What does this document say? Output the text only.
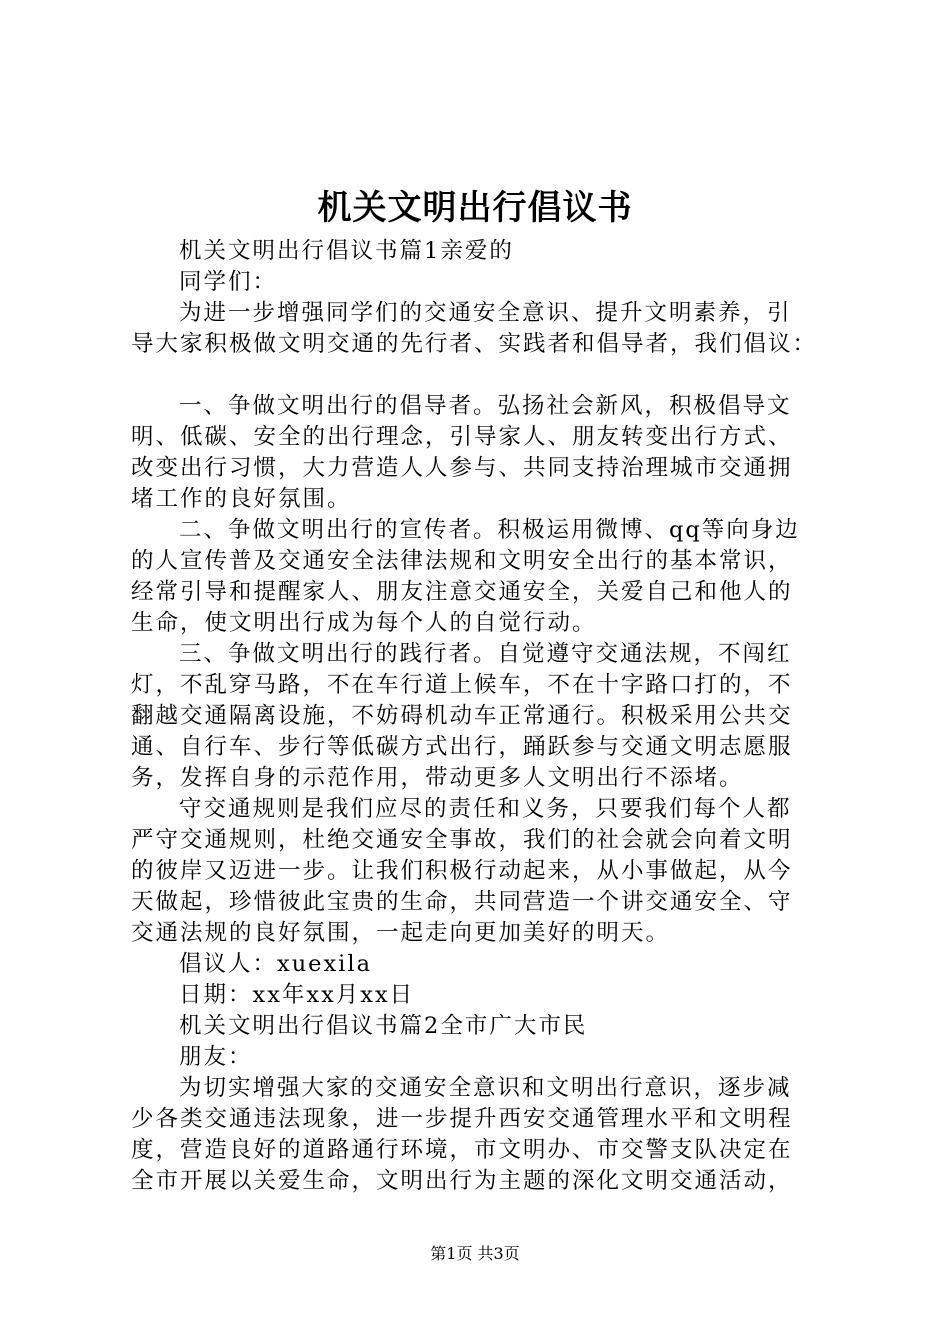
机关文明出行倡议书
机关文明出行倡议书篇1亲爱的
同学们：
为进一步增强同学们的交通安全意识、提升文明素养，引
导大家积极做文明交通的先行者、实践者和倡导者，我们倡议：
一、争做文明出行的倡导者。弘扬社会新风，积极倡导文
明、低碳、安全的出行理念，引导家人、朋友转变出行方式、
改变出行习惯，大力营造人人参与、共同支持治理城市交通拥
堵工作的良好氛围。
二、争做文明出行的宣传者。积极运用微博、qq等向身边
的人宣传普及交通安全法律法规和文明安全出行的基本常识，
经常引导和提醒家人、朋友注意交通安全，关爱自己和他人的
生命，使文明出行成为每个人的自觉行动。
三、争做文明出行的践行者。自觉遵守交通法规，不闯红
灯，不乱穿马路，不在车行道上候车，不在十字路口打的，不
翻越交通隔离设施，不妨碍机动车正常通行。积极采用公共交
通、自行车、步行等低碳方式出行，踊跃参与交通文明志愿服
务，发挥自身的示范作用，带动更多人文明出行不添堵。
守交通规则是我们应尽的责任和义务，只要我们每个人都
严守交通规则，杜绝交通安全事故，我们的社会就会向着文明
的彼岸又迈进一步。让我们积极行动起来，从小事做起，从今
天做起，珍惜彼此宝贵的生命，共同营造一个讲交通安全、守
交通法规的良好氛围，一起走向更加美好的明天。
倡议人：xuexila
日期：xx年xx月xx日
机关文明出行倡议书篇2全市广大市民
朋友：
为切实增强大家的交通安全意识和文明出行意识，逐步减
少各类交通违法现象，进一步提升西安交通管理水平和文明程
度，营造良好的道路通行环境，市文明办、市交警支队决定在
全市开展以关爱生命，文明出行为主题的深化文明交通活动，
第1页 共3页
